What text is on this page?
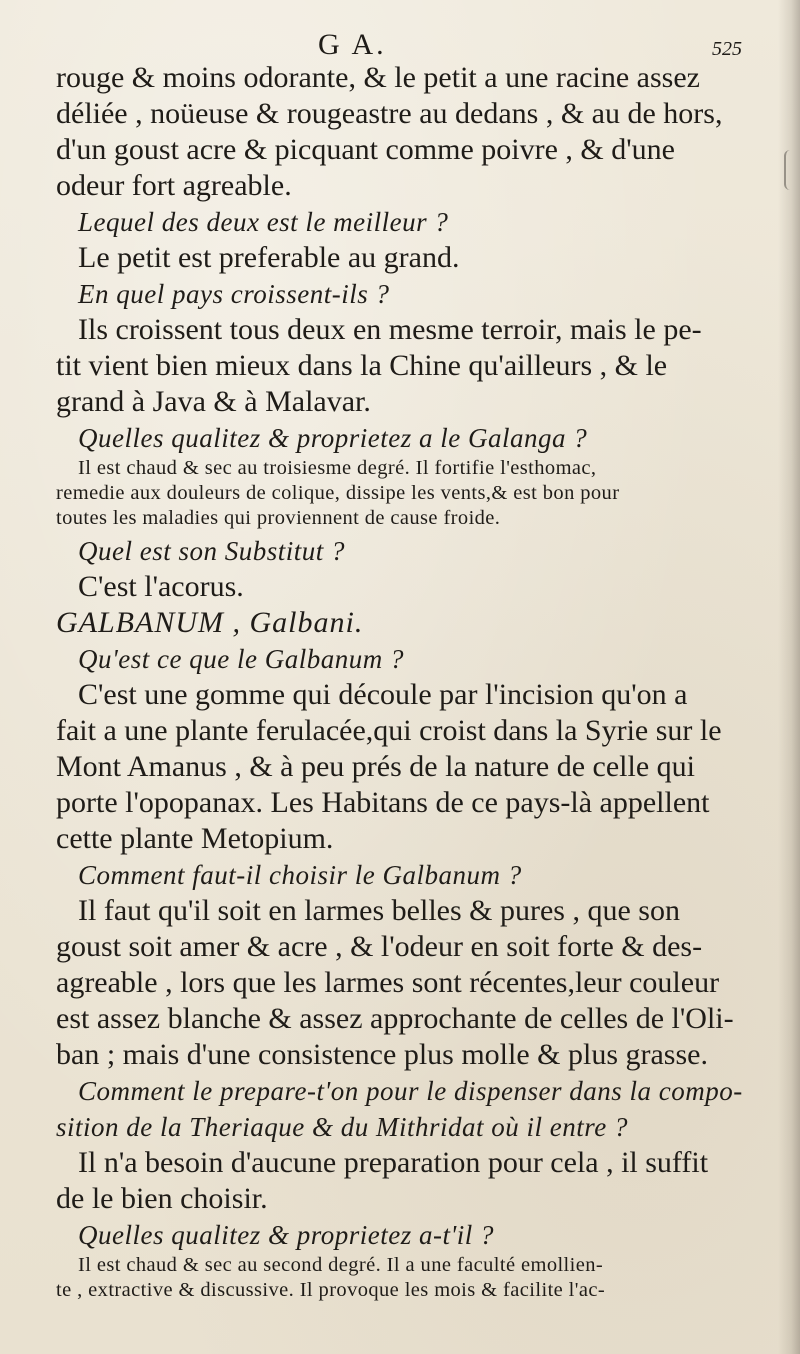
G A.	525

rouge & moins odorante, & le petit a une racine assez

déliée , noüeuse & rougeastre au dedans , & au de hors,

d'un goust acre & picquant comme poivre , & d'une

odeur fort agreable.

Lequel des deux est le meilleur ?

Le petit est preferable au grand.

En quel pays croissent-ils ?

Ils croissent tous deux en mesme terroir, mais le pe-

tit vient bien mieux dans la Chine qu'ailleurs , & le

grand à Java & à Malavar.

Quelles qualitez & proprietez a le Galanga ?

Il est chaud & sec au troisiesme degré. Il fortifie l'esthomac,

remedie aux douleurs de colique, dissipe les vents,& est bon pour

toutes les maladies qui proviennent de cause froide.

Quel est son Substitut ?

C'est l'acorus.

GALBANUM , Galbani.

Qu'est ce que le Galbanum ?

C'est une gomme qui découle par l'incision qu'on a

fait a une plante ferulacée,qui croist dans la Syrie sur le

Mont Amanus , & à peu prés de la nature de celle qui

porte l'opopanax. Les Habitans de ce pays-là appellent

cette plante Metopium.

Comment faut-il choisir le Galbanum ?

Il faut qu'il soit en larmes belles & pures , que son

goust soit amer & acre , & l'odeur en soit forte & des-

agreable , lors que les larmes sont récentes,leur couleur

est assez blanche & assez approchante de celles de l'Oli-

ban ; mais d'une consistence plus molle & plus grasse.

Comment le prepare-t'on pour le dispenser dans la compo-

sition de la Theriaque & du Mithridat où il entre ?

Il n'a besoin d'aucune preparation pour cela , il suffit

de le bien choisir.

Quelles qualitez & proprietez a-t'il ?

Il est chaud & sec au second degré. Il a une faculté emollien-

te , extractive & discussive. Il provoque les mois & facilite l'ac-
